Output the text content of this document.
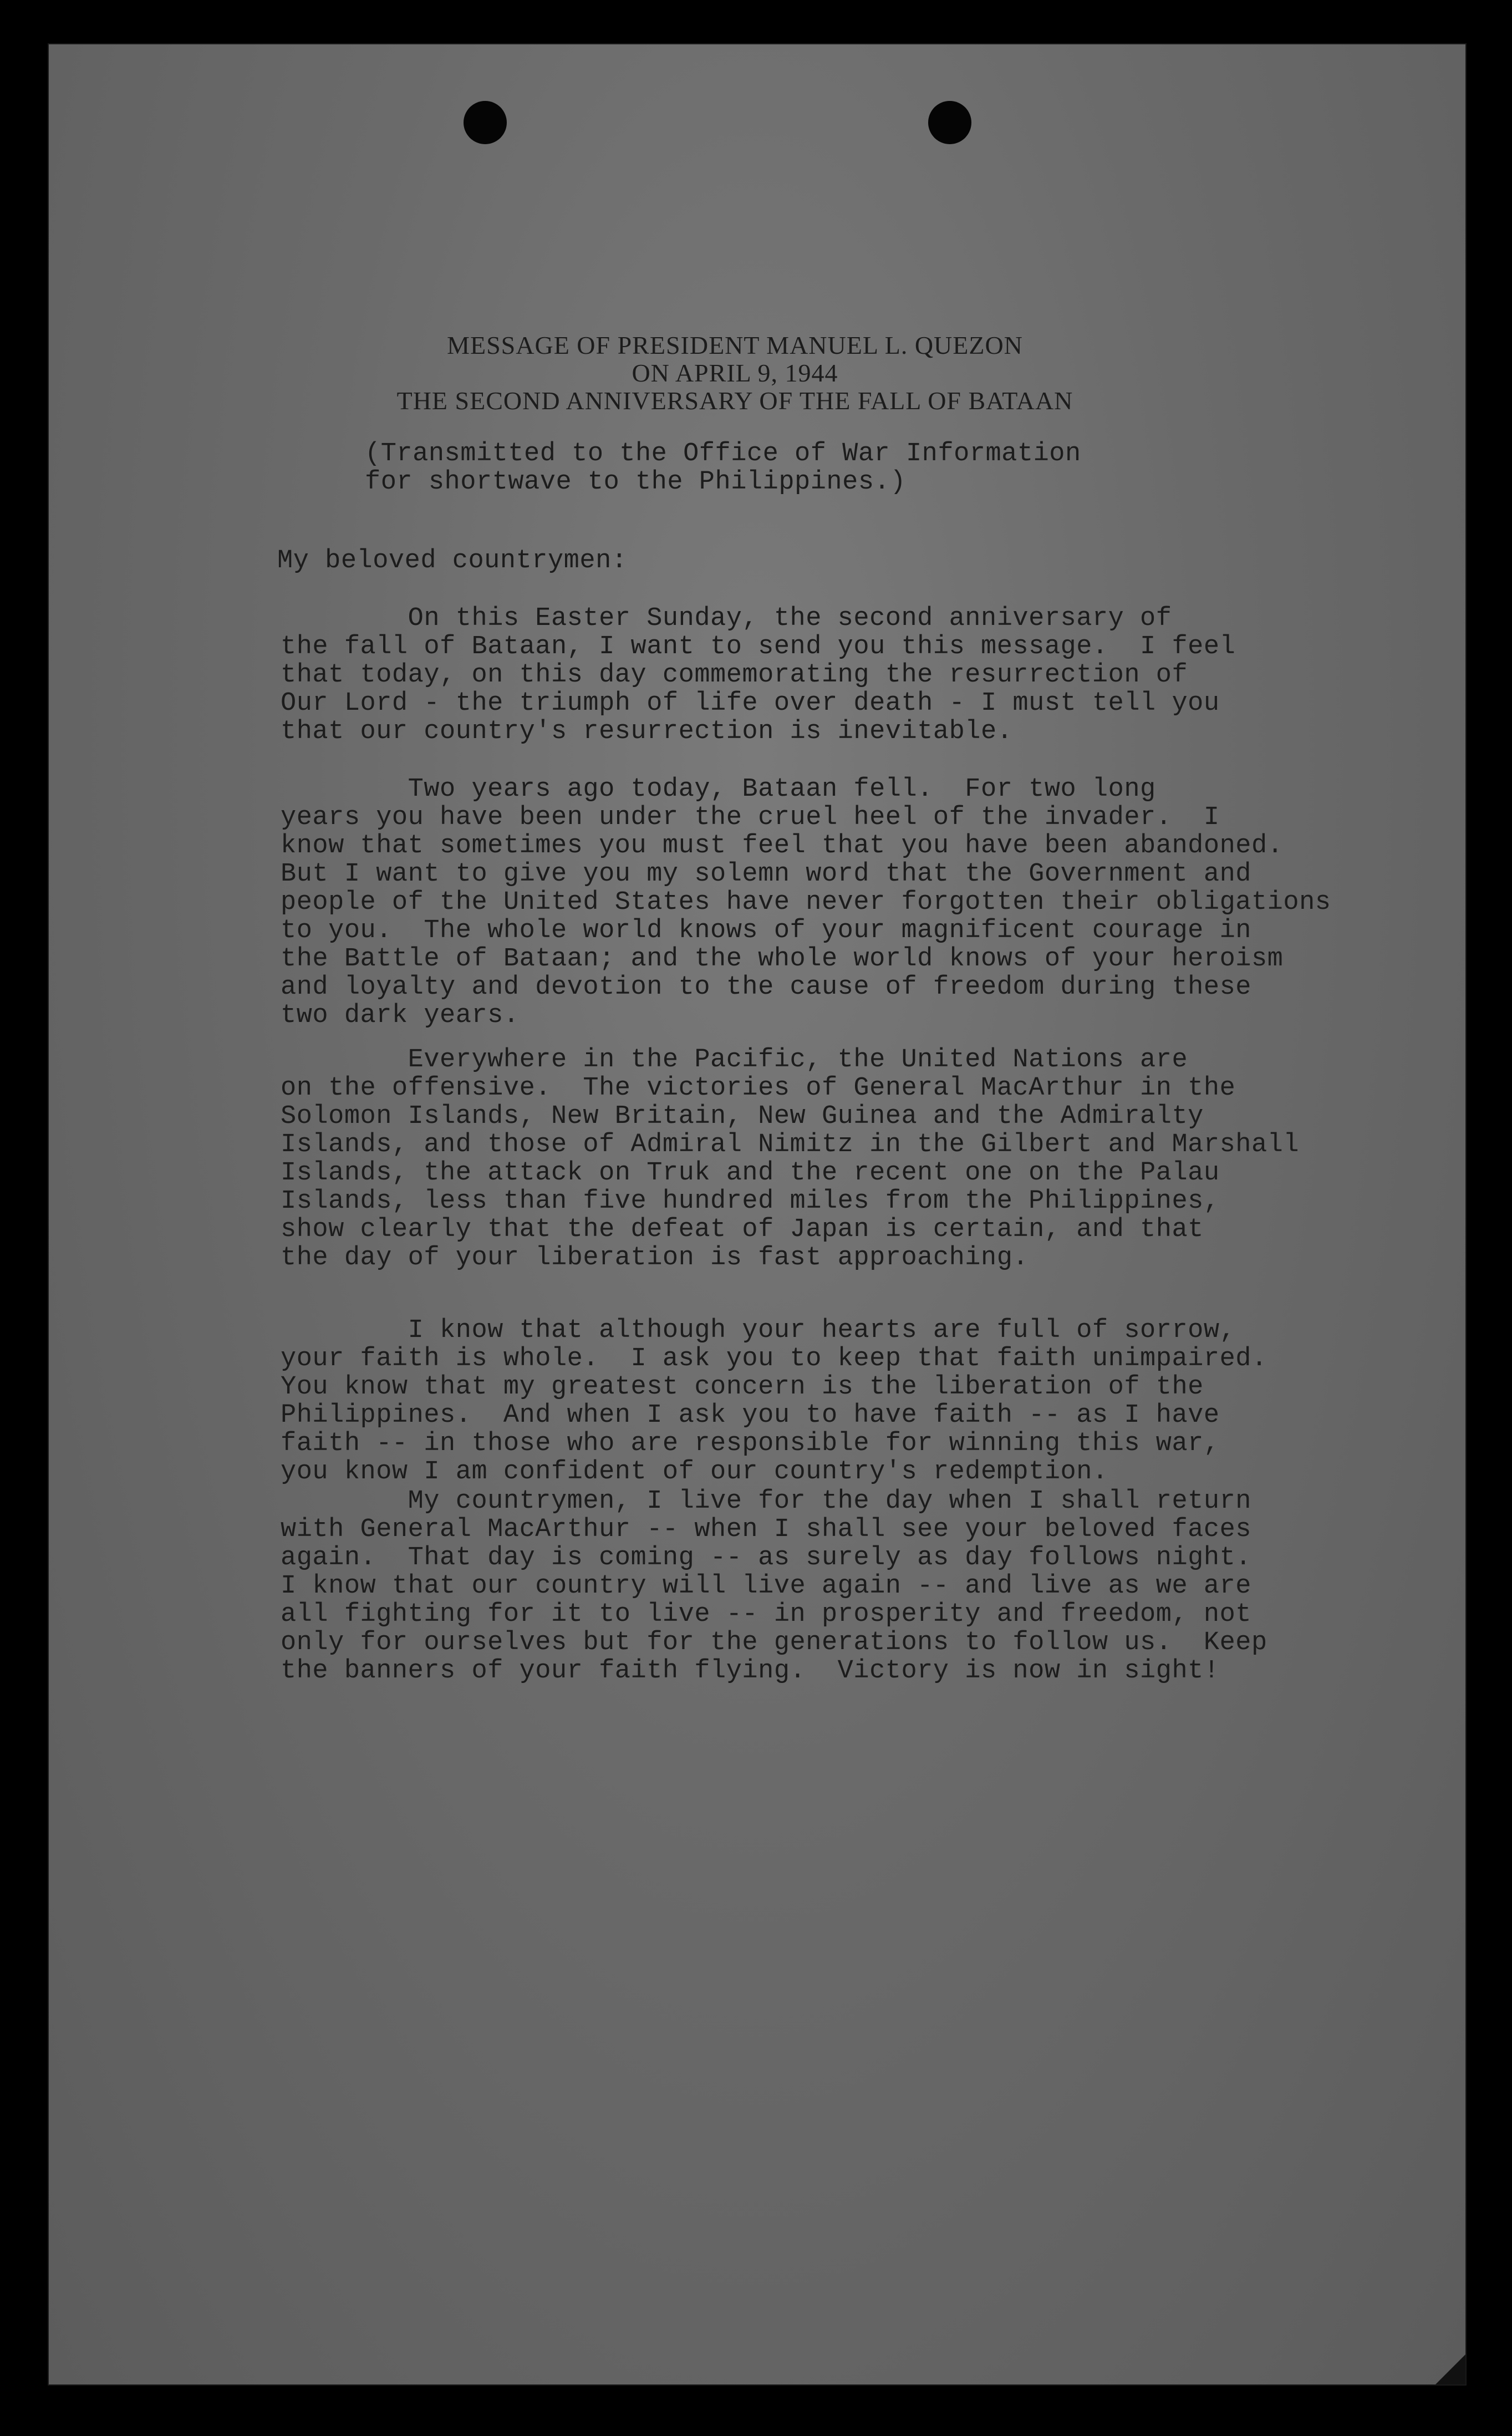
MESSAGE OF PRESIDENT MANUEL L. QUEZON
ON APRIL 9, 1944
THE SECOND ANNIVERSARY OF THE FALL OF BATAAN
(Transmitted to the Office of War Information
for shortwave to the Philippines.)
My beloved countrymen:
On this Easter Sunday, the second anniversary of
the fall of Bataan, I want to send you this message.  I feel
that today, on this day commemorating the resurrection of
Our Lord - the triumph of life over death - I must tell you
that our country's resurrection is inevitable.
Two years ago today, Bataan fell.  For two long
years you have been under the cruel heel of the invader.  I
know that sometimes you must feel that you have been abandoned.
But I want to give you my solemn word that the Government and
people of the United States have never forgotten their obligations
to you.  The whole world knows of your magnificent courage in
the Battle of Bataan; and the whole world knows of your heroism
and loyalty and devotion to the cause of freedom during these
two dark years.
Everywhere in the Pacific, the United Nations are
on the offensive.  The victories of General MacArthur in the
Solomon Islands, New Britain, New Guinea and the Admiralty
Islands, and those of Admiral Nimitz in the Gilbert and Marshall
Islands, the attack on Truk and the recent one on the Palau
Islands, less than five hundred miles from the Philippines,
show clearly that the defeat of Japan is certain, and that
the day of your liberation is fast approaching.
I know that although your hearts are full of sorrow,
your faith is whole.  I ask you to keep that faith unimpaired.
You know that my greatest concern is the liberation of the
Philippines.  And when I ask you to have faith -- as I have
faith -- in those who are responsible for winning this war,
you know I am confident of our country's redemption.
My countrymen, I live for the day when I shall return
with General MacArthur -- when I shall see your beloved faces
again.  That day is coming -- as surely as day follows night.
I know that our country will live again -- and live as we are
all fighting for it to live -- in prosperity and freedom, not
only for ourselves but for the generations to follow us.  Keep
the banners of your faith flying.  Victory is now in sight!
